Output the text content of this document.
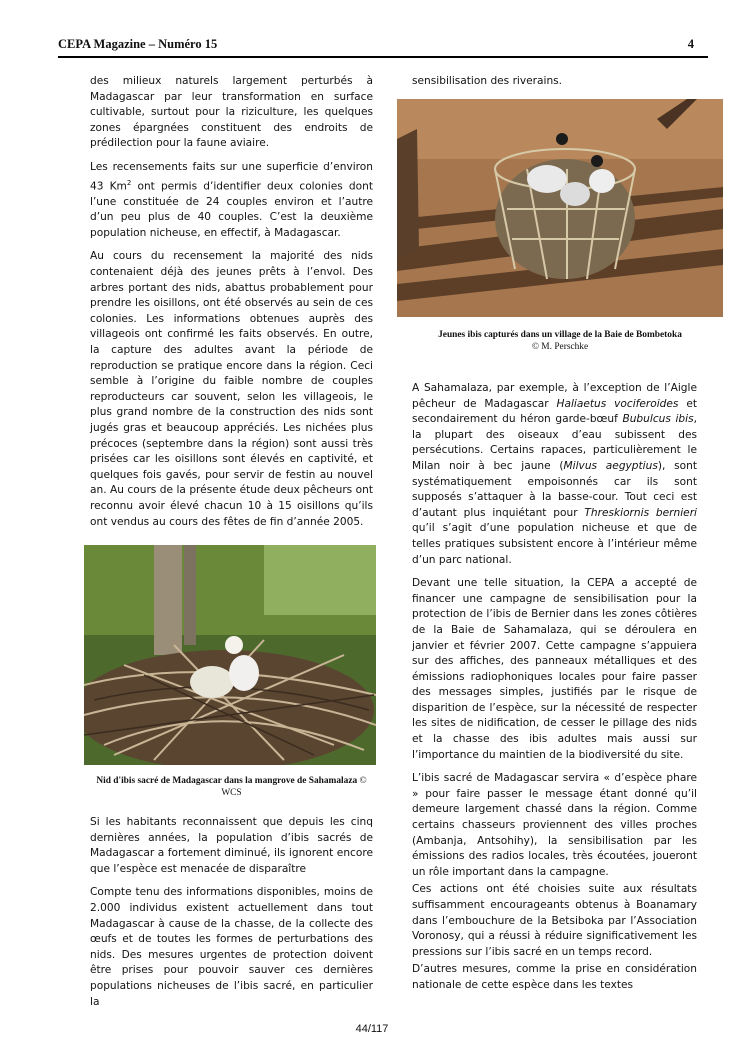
CEPA Magazine – Numéro 15	4

des milieux naturels largement perturbés à Madagascar par leur transformation en surface cultivable, surtout pour la riziculture, les quelques zones épargnées constituent des endroits de prédilection pour la faune aviaire.

Les recensements faits sur une superficie d’environ 43 Km$^2$ ont permis d’identifier deux colonies dont l’une constituée de 24 couples environ et l’autre d’un peu plus de 40 couples. C’est la deuxième population nicheuse, en effectif, à Madagascar.

Au cours du recensement la majorité des nids contenaient déjà des jeunes prêts à l’envol. Des arbres portant des nids, abattus probablement pour prendre les oisillons, ont été observés au sein de ces colonies. Les informations obtenues auprès des villageois ont confirmé les faits observés. En outre, la capture des adultes avant la période de reproduction se pratique encore dans la région. Ceci semble à l’origine du faible nombre de couples reproducteurs car souvent, selon les villageois, le plus grand nombre de la construction des nids sont jugés gras et beaucoup appréciés. Les nichées plus précoces (septembre dans la région) sont aussi très prisées car les oisillons sont élevés en captivité, et quelques fois gavés, pour servir de festin au nouvel an. Au cours de la présente étude deux pêcheurs ont reconnu avoir élevé chacun 10 à 15 oisillons qu’ils ont vendus au cours des fêtes de fin d’année 2005.

Nid d'ibis sacré de Madagascar dans la mangrove de Sahamalaza © WCS

Si les habitants reconnaissent que depuis les cinq dernières années, la population d’ibis sacrés de Madagascar a fortement diminué, ils ignorent encore que l’espèce est menacée de disparaître

Compte tenu des informations disponibles, moins de 2.000 individus existent actuellement dans tout Madagascar à cause de la chasse, de la collecte des œufs et de toutes les formes de perturbations des nids. Des mesures urgentes de protection doivent être prises pour pouvoir sauver ces dernières populations nicheuses de l’ibis sacré, en particulier la

sensibilisation des riverains.

Jeunes ibis capturés dans un village de la Baie de Bombetoka
© M. Perschke

A Sahamalaza, par exemple, à l’exception de l’Aigle pêcheur de Madagascar Haliaetus vociferoides et secondairement du héron garde-bœuf Bubulcus ibis, la plupart des oiseaux d’eau subissent des persécutions. Certains rapaces, particulièrement le Milan noir à bec jaune (Milvus aegyptius), sont systématiquement empoisonnés car ils sont supposés s’attaquer à la basse-cour. Tout ceci est d’autant plus inquiétant pour Threskiornis bernieri qu’il s’agit d’une population nicheuse et que de telles pratiques subsistent encore à l’intérieur même d’un parc national.

Devant une telle situation, la CEPA a accepté de financer une campagne de sensibilisation pour la protection de l’ibis de Bernier dans les zones côtières de la Baie de Sahamalaza, qui se déroulera en janvier et février 2007. Cette campagne s’appuiera sur des affiches, des panneaux métalliques et des émissions radiophoniques locales pour faire passer des messages simples, justifiés par le risque de disparition de l’espèce, sur la nécessité de respecter les sites de nidification, de cesser le pillage des nids et la chasse des ibis adultes mais aussi sur l’importance du maintien de la biodiversité du site.

L’ibis sacré de Madagascar servira « d’espèce phare » pour faire passer le message étant donné qu’il demeure largement chassé dans la région. Comme certains chasseurs proviennent des villes proches (Ambanja, Antsohihy), la sensibilisation par les émissions des radios locales, très écoutées, joueront un rôle important dans la campagne.

Ces actions ont été choisies suite aux résultats suffisamment encourageants obtenus à Boanamary dans l’embouchure de la Betsiboka par l’Association Voronosy, qui a réussi à réduire significativement les pressions sur l’ibis sacré en un temps record.

D’autres mesures, comme la prise en considération nationale de cette espèce dans les textes

44/117
